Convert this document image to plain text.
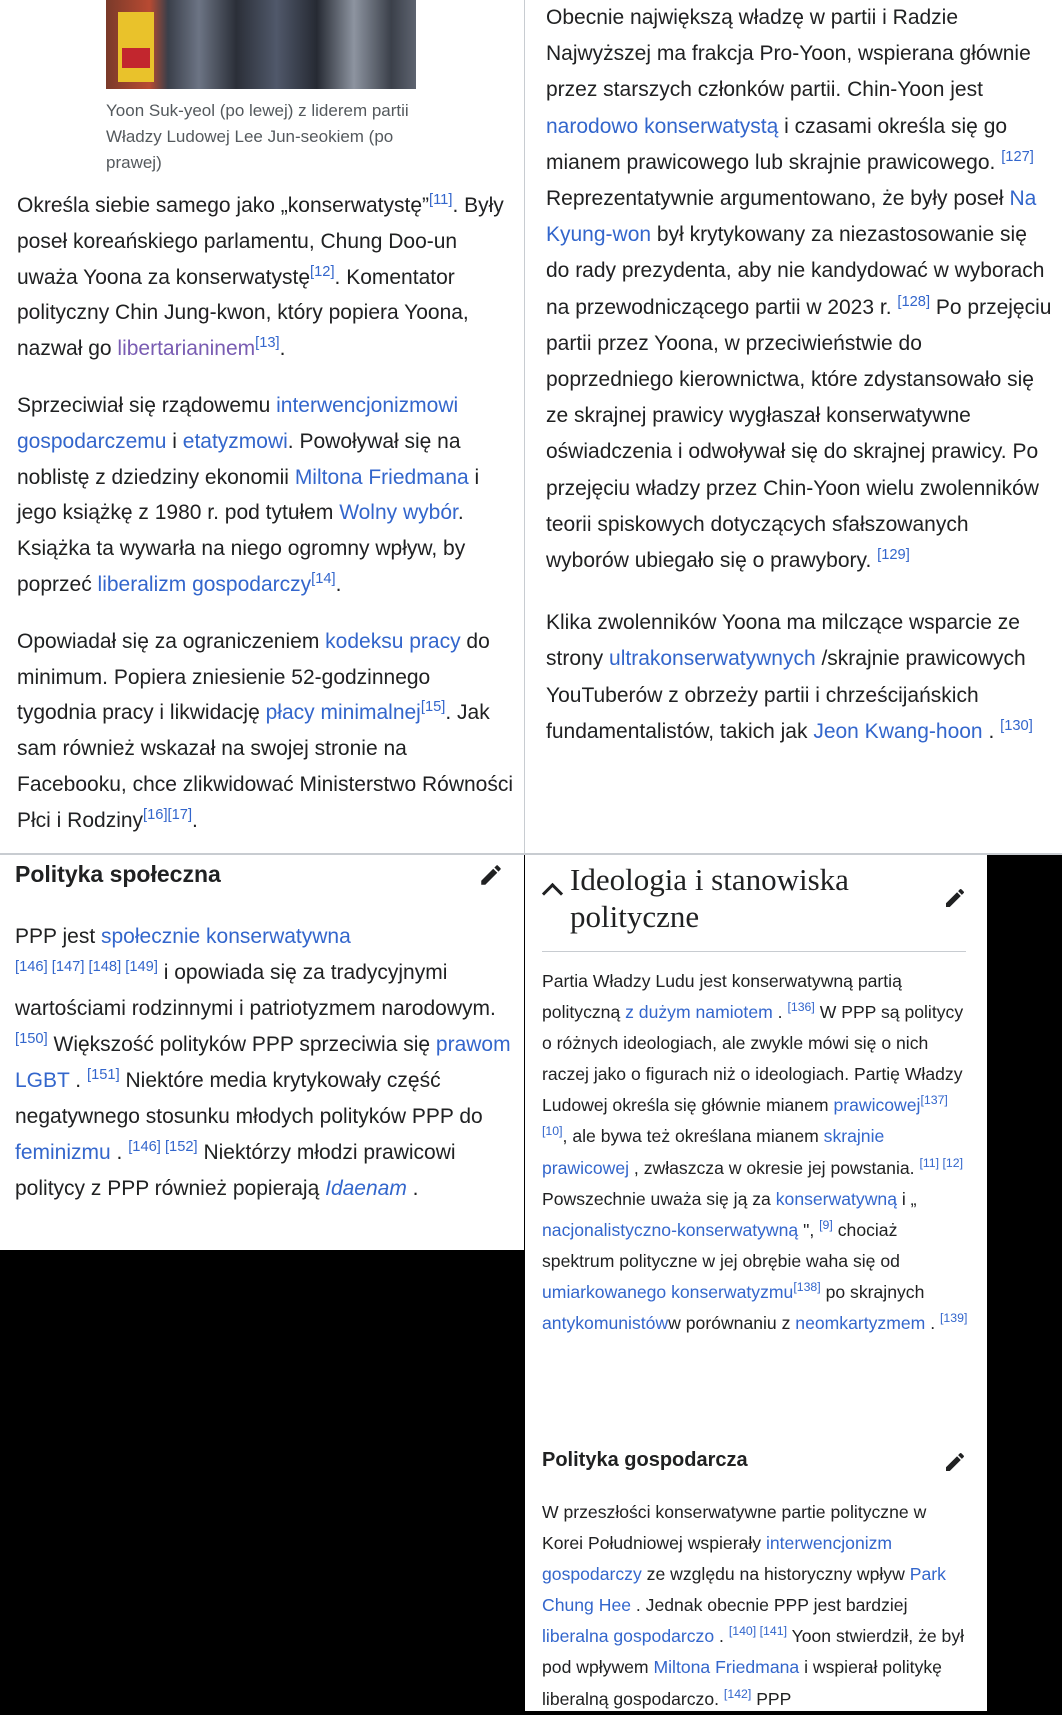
Yoon Suk-yeol (po lewej) z liderem partii Władzy Ludowej Lee Jun-seokiem (po prawej)

Określa siebie samego jako „konserwatystę”[11]. Były poseł koreańskiego parlamentu, Chung Doo-un uważa Yoona za konserwatystę[12]. Komentator polityczny Chin Jung-kwon, który popiera Yoona, nazwał go libertarianinem[13].

Sprzeciwiał się rządowemu interwencjonizmowi gospodarczemu i etatyzmowi. Powoływał się na noblistę z dziedziny ekonomii Miltona Friedmana i jego książkę z 1980 r. pod tytułem Wolny wybór. Książka ta wywarła na niego ogromny wpływ, by poprzeć liberalizm gospodarczy[14].

Opowiadał się za ograniczeniem kodeksu pracy do minimum. Popiera zniesienie 52-godzinnego tygodnia pracy i likwidację płacy minimalnej[15]. Jak sam również wskazał na swojej stronie na Facebooku, chce zlikwidować Ministerstwo Równości Płci i Rodziny[16][17].

Obecnie największą władzę w partii i Radzie Najwyższej ma frakcja Pro-Yoon, wspierana głównie przez starszych członków partii. Chin-Yoon jest narodowo konserwatystą i czasami określa się go mianem prawicowego lub skrajnie prawicowego. [127] Reprezentatywnie argumentowano, że były poseł Na Kyung-won był krytykowany za niezastosowanie się do rady prezydenta, aby nie kandydować w wyborach na przewodniczącego partii w 2023 r. [128] Po przejęciu partii przez Yoona, w przeciwieństwie do poprzedniego kierownictwa, które zdystansowało się ze skrajnej prawicy wygłaszał konserwatywne oświadczenia i odwoływał się do skrajnej prawicy. Po przejęciu władzy przez Chin-Yoon wielu zwolenników teorii spiskowych dotyczących sfałszowanych wyborów ubiegało się o prawybory. [129]

Klika zwolenników Yoona ma milczące wsparcie ze strony ultrakonserwatywnych /skrajnie prawicowych YouTuberów z obrzeży partii i chrześcijańskich fundamentalistów, takich jak Jeon Kwang-hoon . [130]

Polityka społeczna

PPP jest społecznie konserwatywna
[146] [147] [148] [149] i opowiada się za tradycyjnymi wartościami rodzinnymi i patriotyzmem narodowym. [150] Większość polityków PPP sprzeciwia się prawom LGBT . [151] Niektóre media krytykowały część negatywnego stosunku młodych polityków PPP do feminizmu . [146] [152] Niektórzy młodzi prawicowi politycy z PPP również popierają Idaenam .

Ideologia i stanowiska polityczne

Partia Władzy Ludu jest konserwatywną partią polityczną z dużym namiotem . [136] W PPP są politycy o różnych ideologiach, ale zwykle mówi się o nich raczej jako o figurach niż o ideologiach. Partię Władzy Ludowej określa się głównie mianem prawicowej[137] [10], ale bywa też określana mianem skrajnie prawicowej , zwłaszcza w okresie jej powstania. [11] [12] Powszechnie uważa się ją za konserwatywną i „ nacjonalistyczno-konserwatywną ", [9] chociaż spektrum polityczne w jej obrębie waha się od umiarkowanego konserwatyzmu[138] po skrajnych antykomunistóww porównaniu z neomkartyzmem . [139]

Polityka gospodarcza

W przeszłości konserwatywne partie polityczne w Korei Południowej wspierały interwencjonizm gospodarczy ze względu na historyczny wpływ Park Chung Hee . Jednak obecnie PPP jest bardziej liberalna gospodarczo . [140] [141] Yoon stwierdził, że był pod wpływem Miltona Friedmana i wspierał politykę liberalną gospodarczo. [142] PPP
